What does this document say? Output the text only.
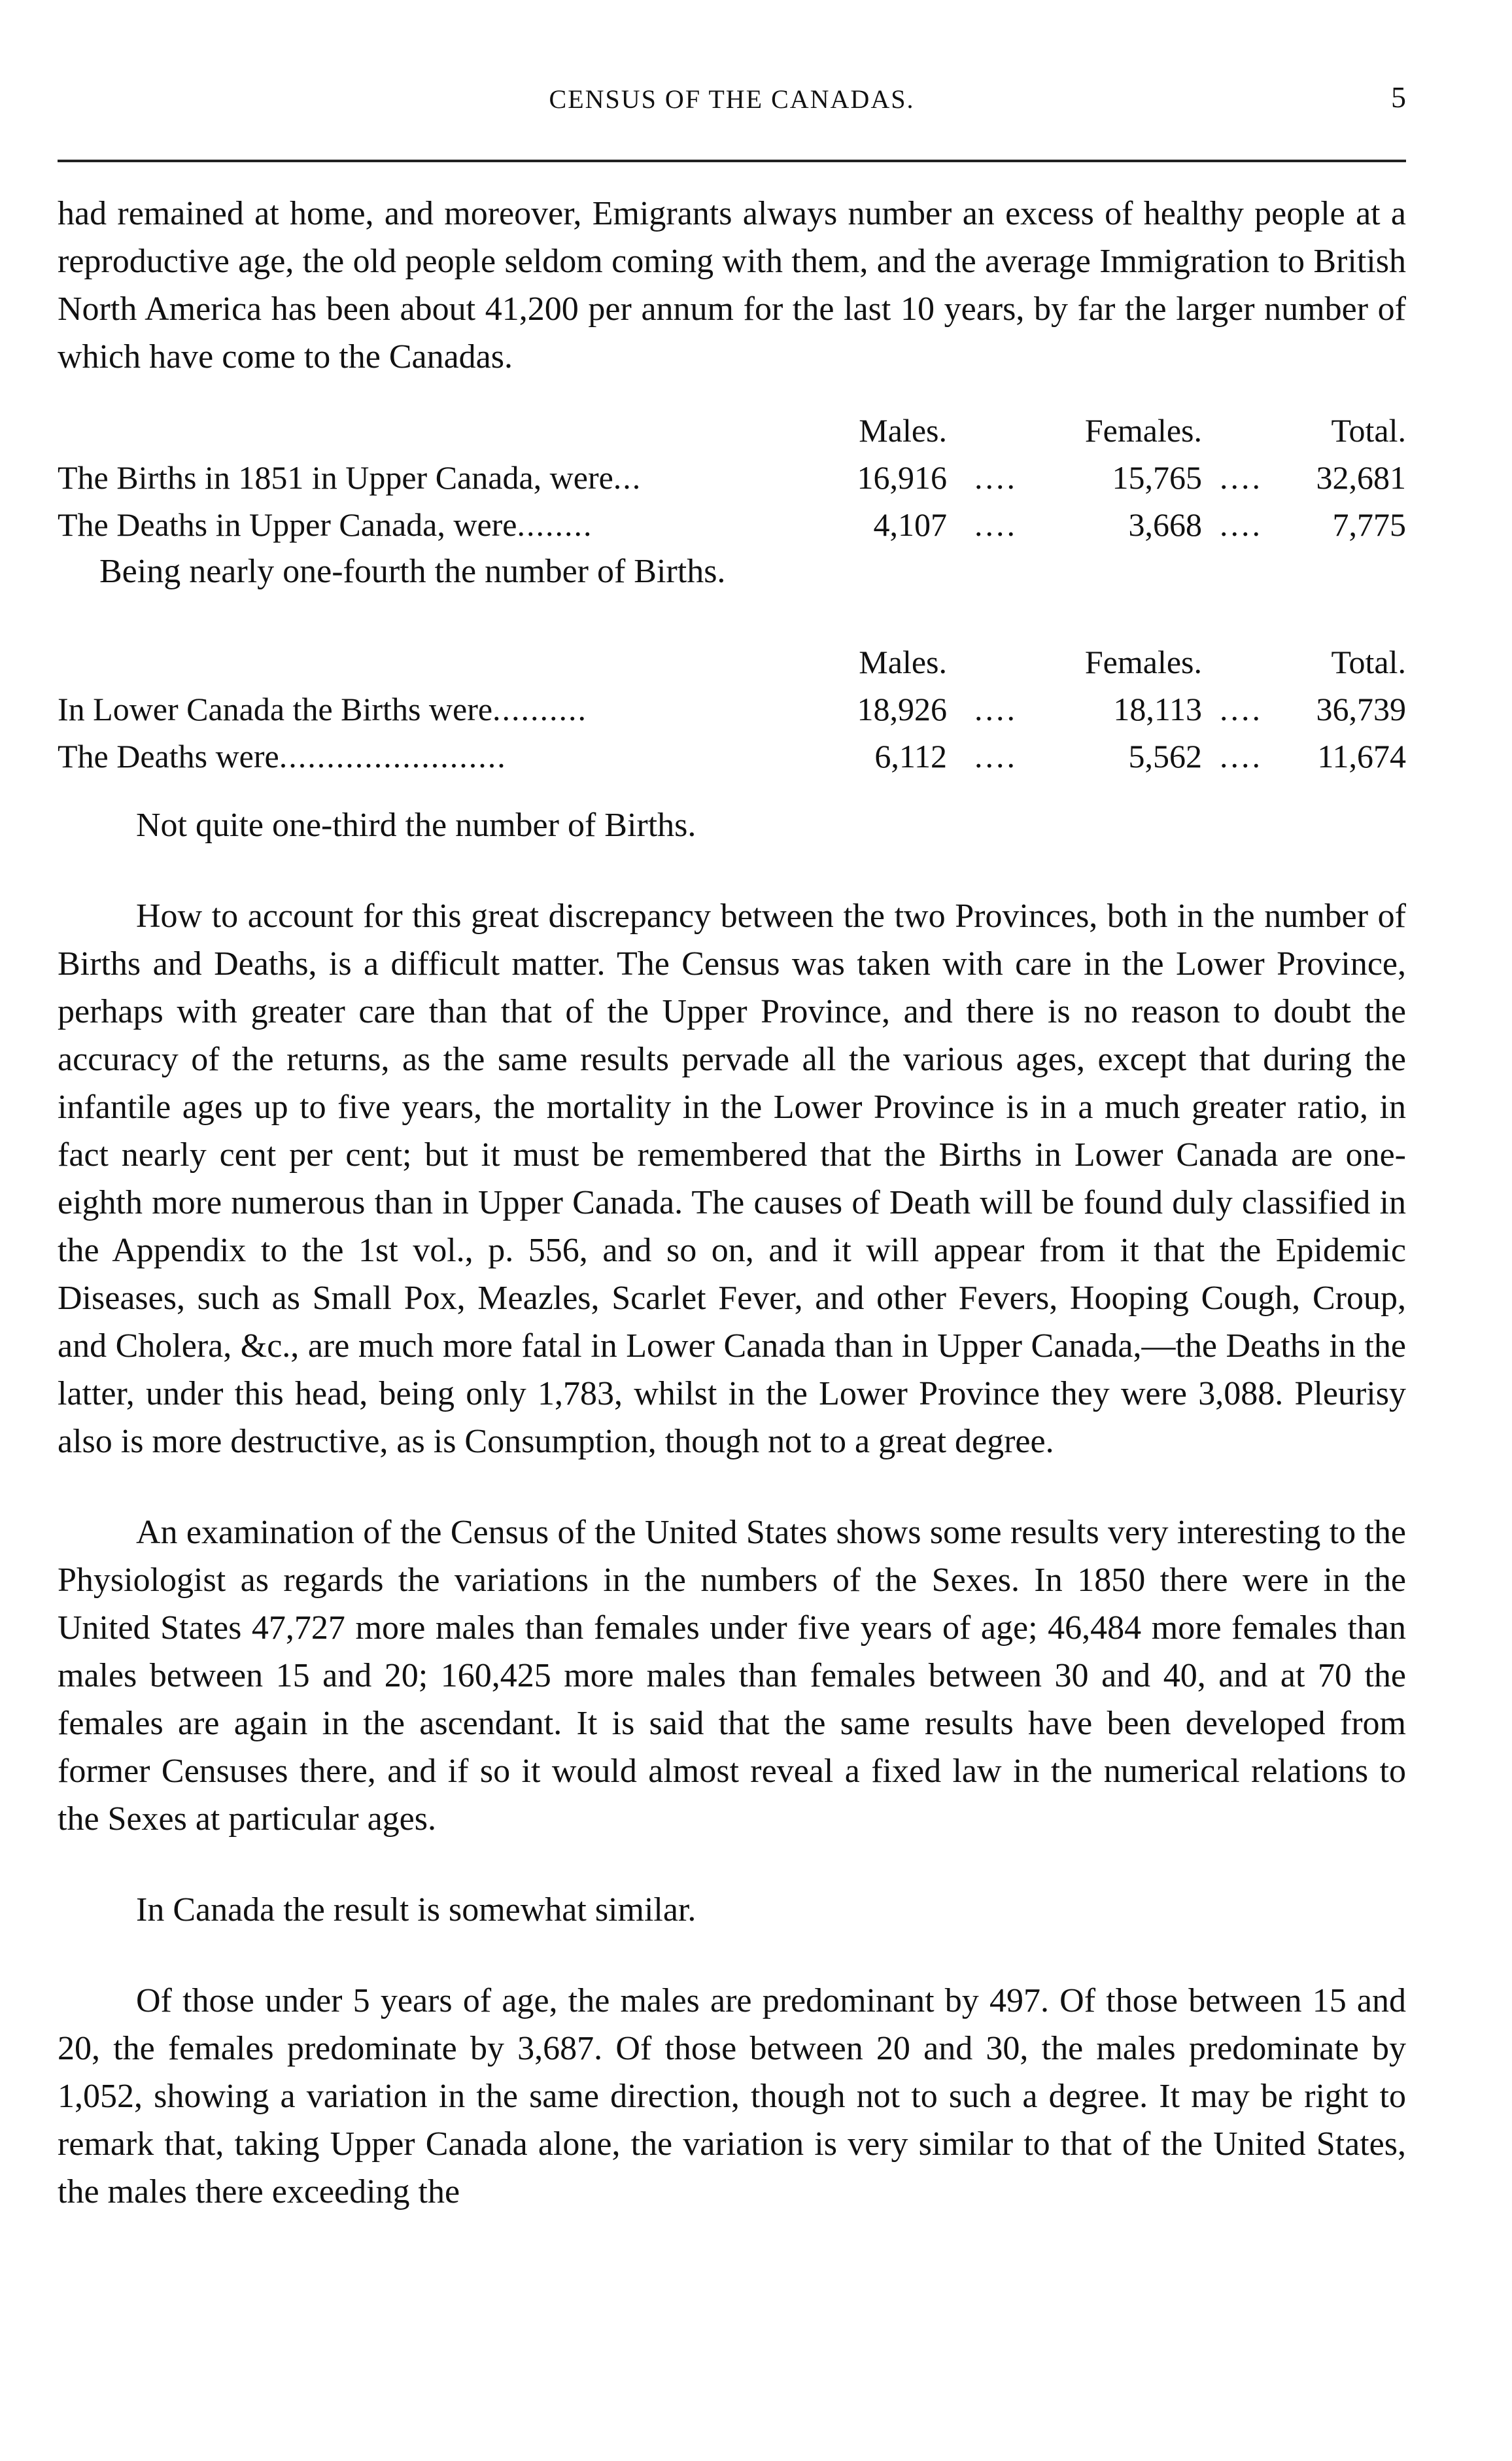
CENSUS OF THE CANADAS.	5

had remained at home, and moreover, Emigrants always number an excess of healthy people at a reproductive age, the old people seldom coming with them, and the average Immigration to British North America has been about 41,200 per annum for the last 10 years, by far the larger number of which have come to the Canadas.

	Males.		Females.		Total.

The Births in 1851 in Upper Canada, were ...	16,916	....	15,765	....	32,681

The Deaths in Upper Canada, were ........	4,107	....	3,668	....	7,775
Being nearly one-fourth the number of Births.
	Males.		Females.		Total.

In Lower Canada the Births were ..........	18,926	....	18,113	....	36,739

The Deaths were ........................	6,112	....	5,562	....	11,674
Not quite one-third the number of Births.

How to account for this great discrepancy between the two Provinces, both in the number of Births and Deaths, is a difficult matter. The Census was taken with care in the Lower Province, perhaps with greater care than that of the Upper Province, and there is no reason to doubt the accuracy of the returns, as the same results pervade all the various ages, except that during the infantile ages up to five years, the mortality in the Lower Province is in a much greater ratio, in fact nearly cent per cent; but it must be remembered that the Births in Lower Canada are one-eighth more numerous than in Upper Canada. The causes of Death will be found duly classified in the Appendix to the 1st vol., p. 556, and so on, and it will appear from it that the Epidemic Diseases, such as Small Pox, Meazles, Scarlet Fever, and other Fevers, Hooping Cough, Croup, and Cholera, &c., are much more fatal in Lower Canada than in Upper Canada,—the Deaths in the latter, under this head, being only 1,783, whilst in the Lower Province they were 3,088. Pleurisy also is more destructive, as is Consumption, though not to a great degree.

An examination of the Census of the United States shows some results very interesting to the Physiologist as regards the variations in the numbers of the Sexes. In 1850 there were in the United States 47,727 more males than females under five years of age; 46,484 more females than males between 15 and 20; 160,425 more males than females between 30 and 40, and at 70 the females are again in the ascendant. It is said that the same results have been developed from former Censuses there, and if so it would almost reveal a fixed law in the numerical relations to the Sexes at particular ages.

In Canada the result is somewhat similar.

Of those under 5 years of age, the males are predominant by 497. Of those between 15 and 20, the females predominate by 3,687. Of those between 20 and 30, the males predominate by 1,052, showing a variation in the same direction, though not to such a degree. It may be right to remark that, taking Upper Canada alone, the variation is very similar to that of the United States, the males there exceeding the
